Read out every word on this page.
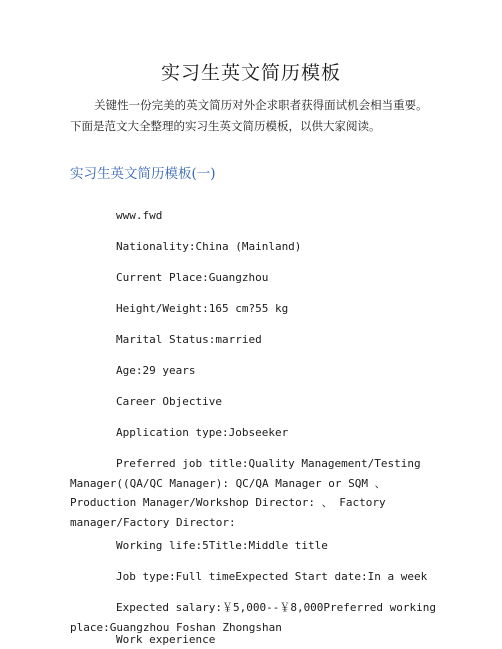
实习生英文简历模板

关键性一份完美的英文简历对外企求职者获得面试机会相当重要。下面是范文大全整理的实习生英文简历模板，以供大家阅读。

实习生英文简历模板(一)
www.fwd
Nationality:China (Mainland)
Current Place:Guangzhou
Height/Weight:165 cm?55 kg
Marital Status:married
Age:29 years
Career Objective
Application type:Jobseeker

Preferred job title:Quality Management/Testing Manager((QA/QC Manager): QC/QA Manager or SQM 、 Production Manager/Workshop Director: 、 Factory manager/Factory Director:

Working life:5Title:Middle title
Job type:Full timeExpected Start date:In a week

Expected salary:￥5,000--￥8,000Preferred working place:Guangzhou Foshan Zhongshan

Work experience
